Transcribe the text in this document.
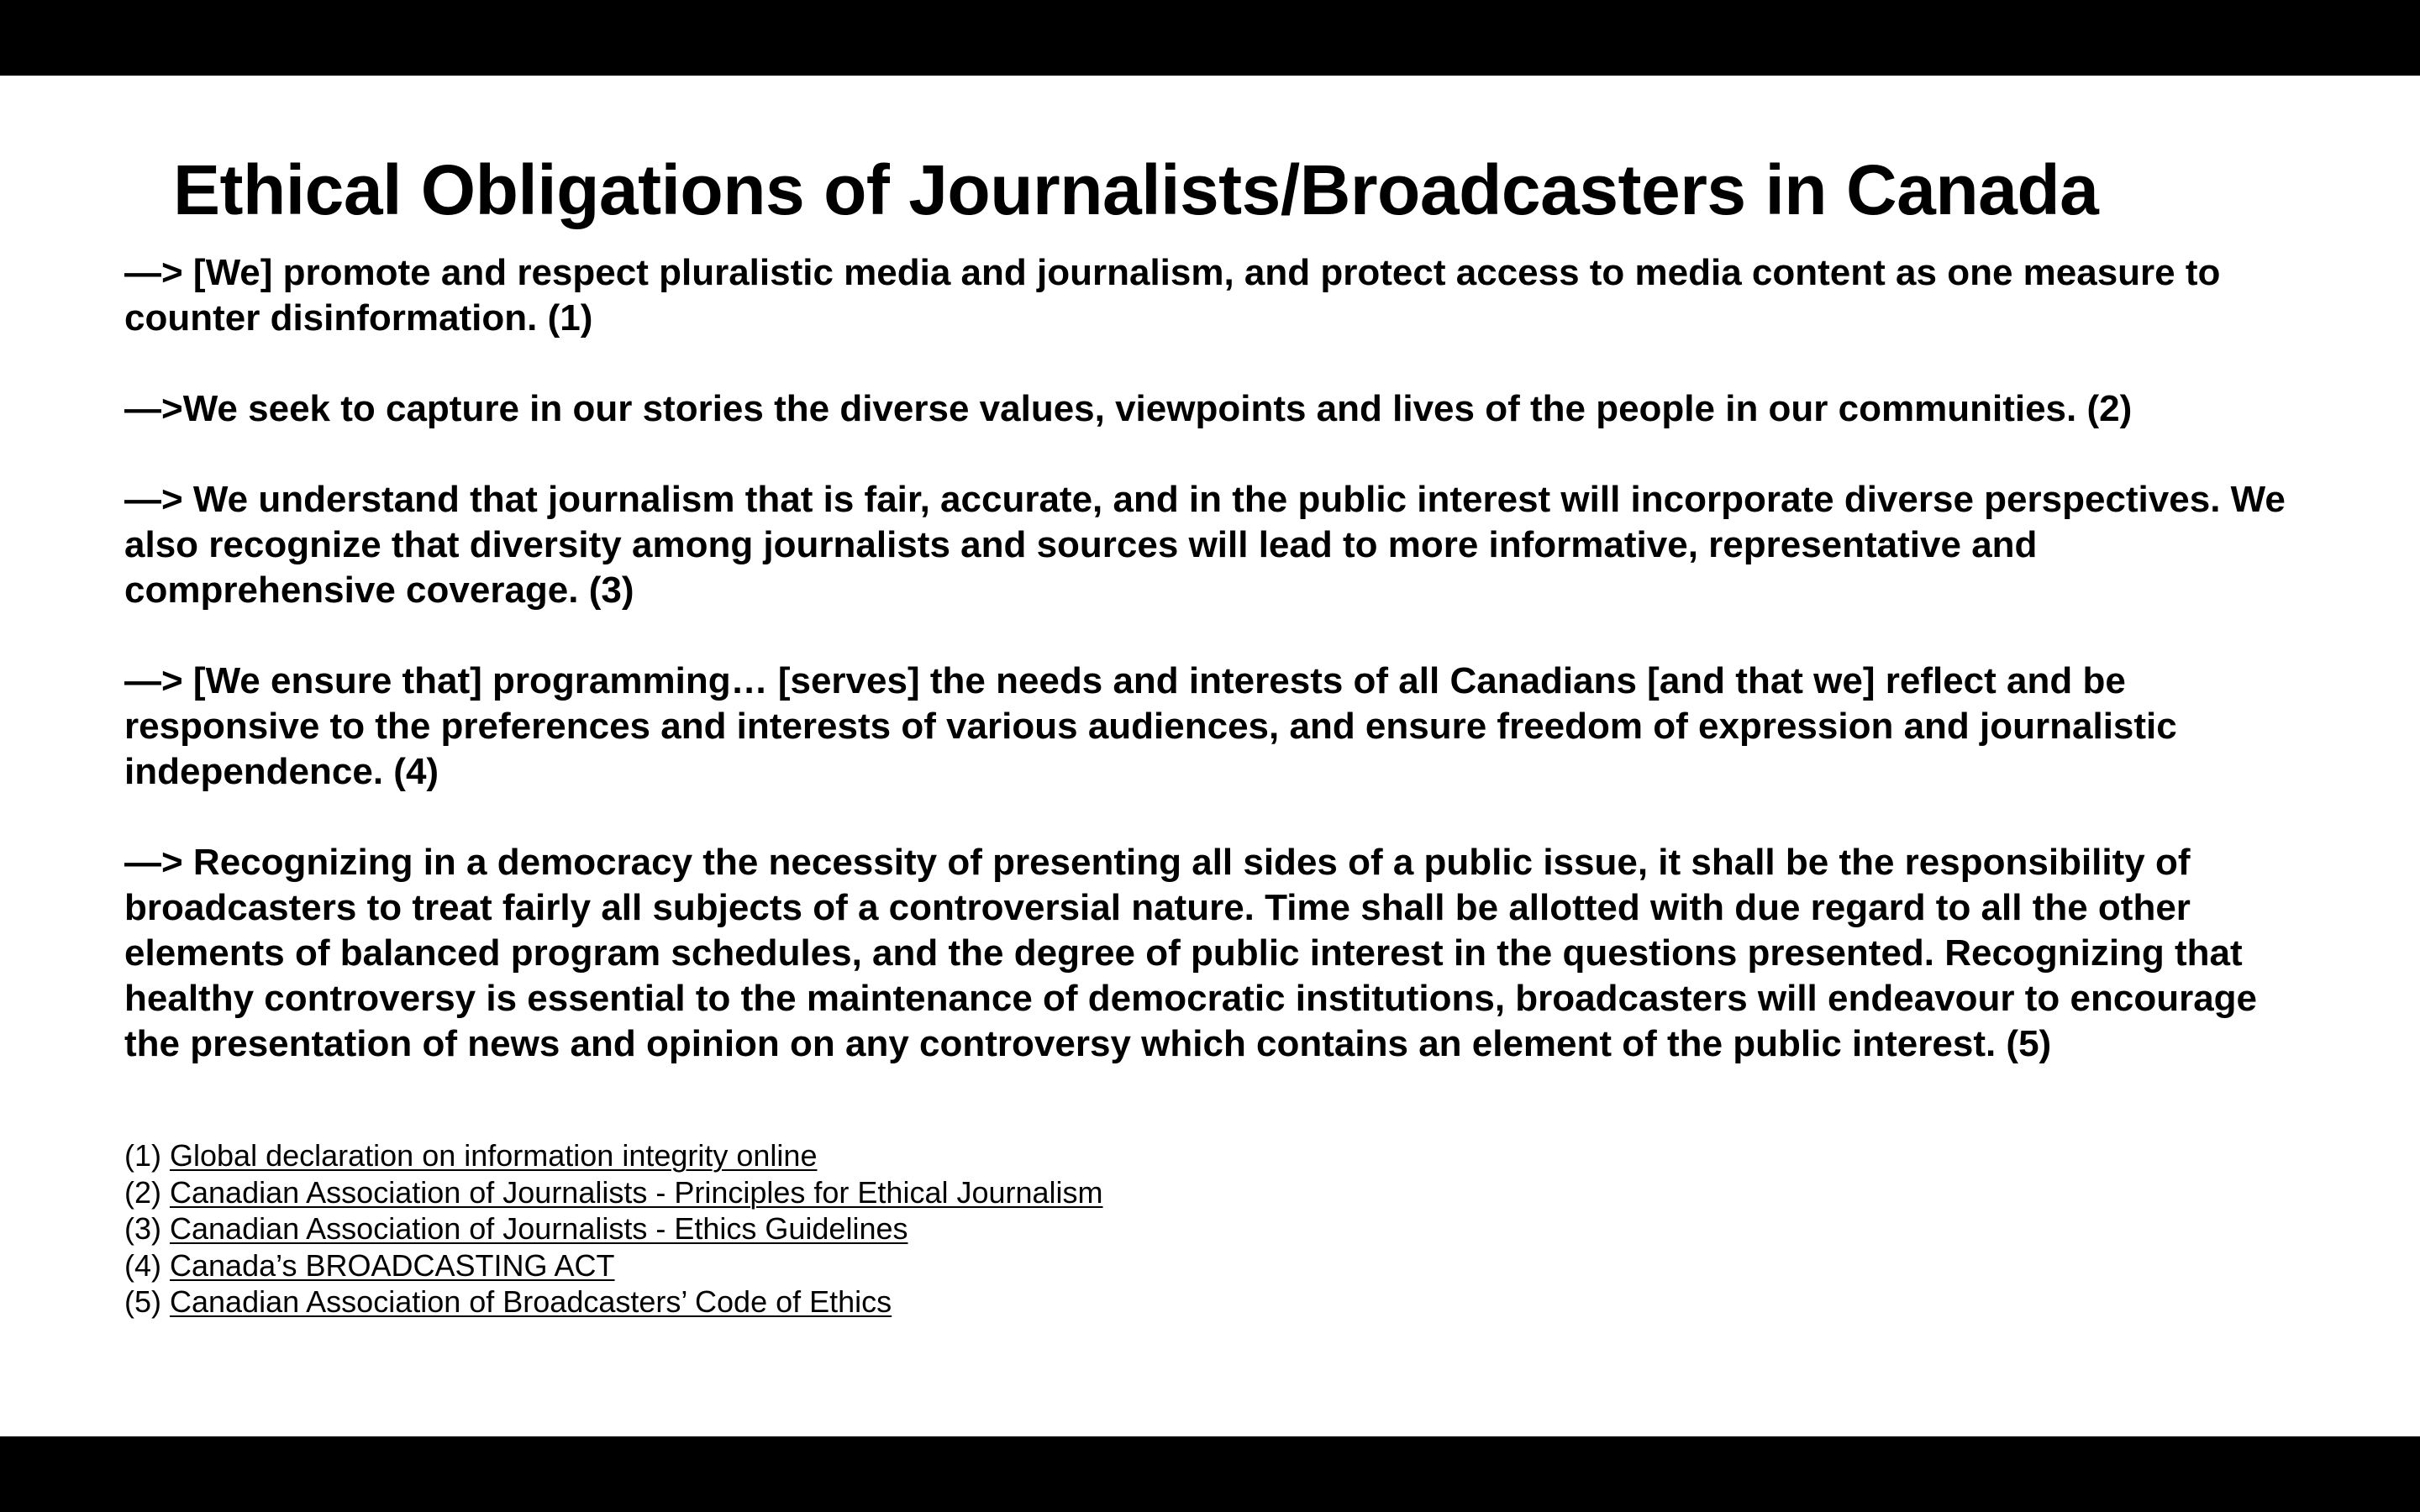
Ethical Obligations of Journalists/Broadcasters in Canada

—> [We] promote and respect pluralistic media and journalism, and protect access to media content as one measure to counter disinformation. (1)

—>We seek to capture in our stories the diverse values, viewpoints and lives of the people in our communities. (2)

—> We understand that journalism that is fair, accurate, and in the public interest will incorporate diverse perspectives. We also recognize that diversity among journalists and sources will lead to more informative, representative and comprehensive coverage. (3)

—> [We ensure that] programming… [serves] the needs and interests of all Canadians [and that we] reflect and be responsive to the preferences and interests of various audiences, and ensure freedom of expression and journalistic independence. (4)

—> Recognizing in a democracy the necessity of presenting all sides of a public issue, it shall be the responsibility of broadcasters to treat fairly all subjects of a controversial nature. Time shall be allotted with due regard to all the other elements of balanced program schedules, and the degree of public interest in the questions presented. Recognizing that healthy controversy is essential to the maintenance of democratic institutions, broadcasters will endeavour to encourage the presentation of news and opinion on any controversy which contains an element of the public interest. (5)

(1) Global declaration on information integrity online
(2) Canadian Association of Journalists - Principles for Ethical Journalism
(3) Canadian Association of Journalists - Ethics Guidelines
(4) Canada’s BROADCASTING ACT
(5) Canadian Association of Broadcasters’ Code of Ethics
